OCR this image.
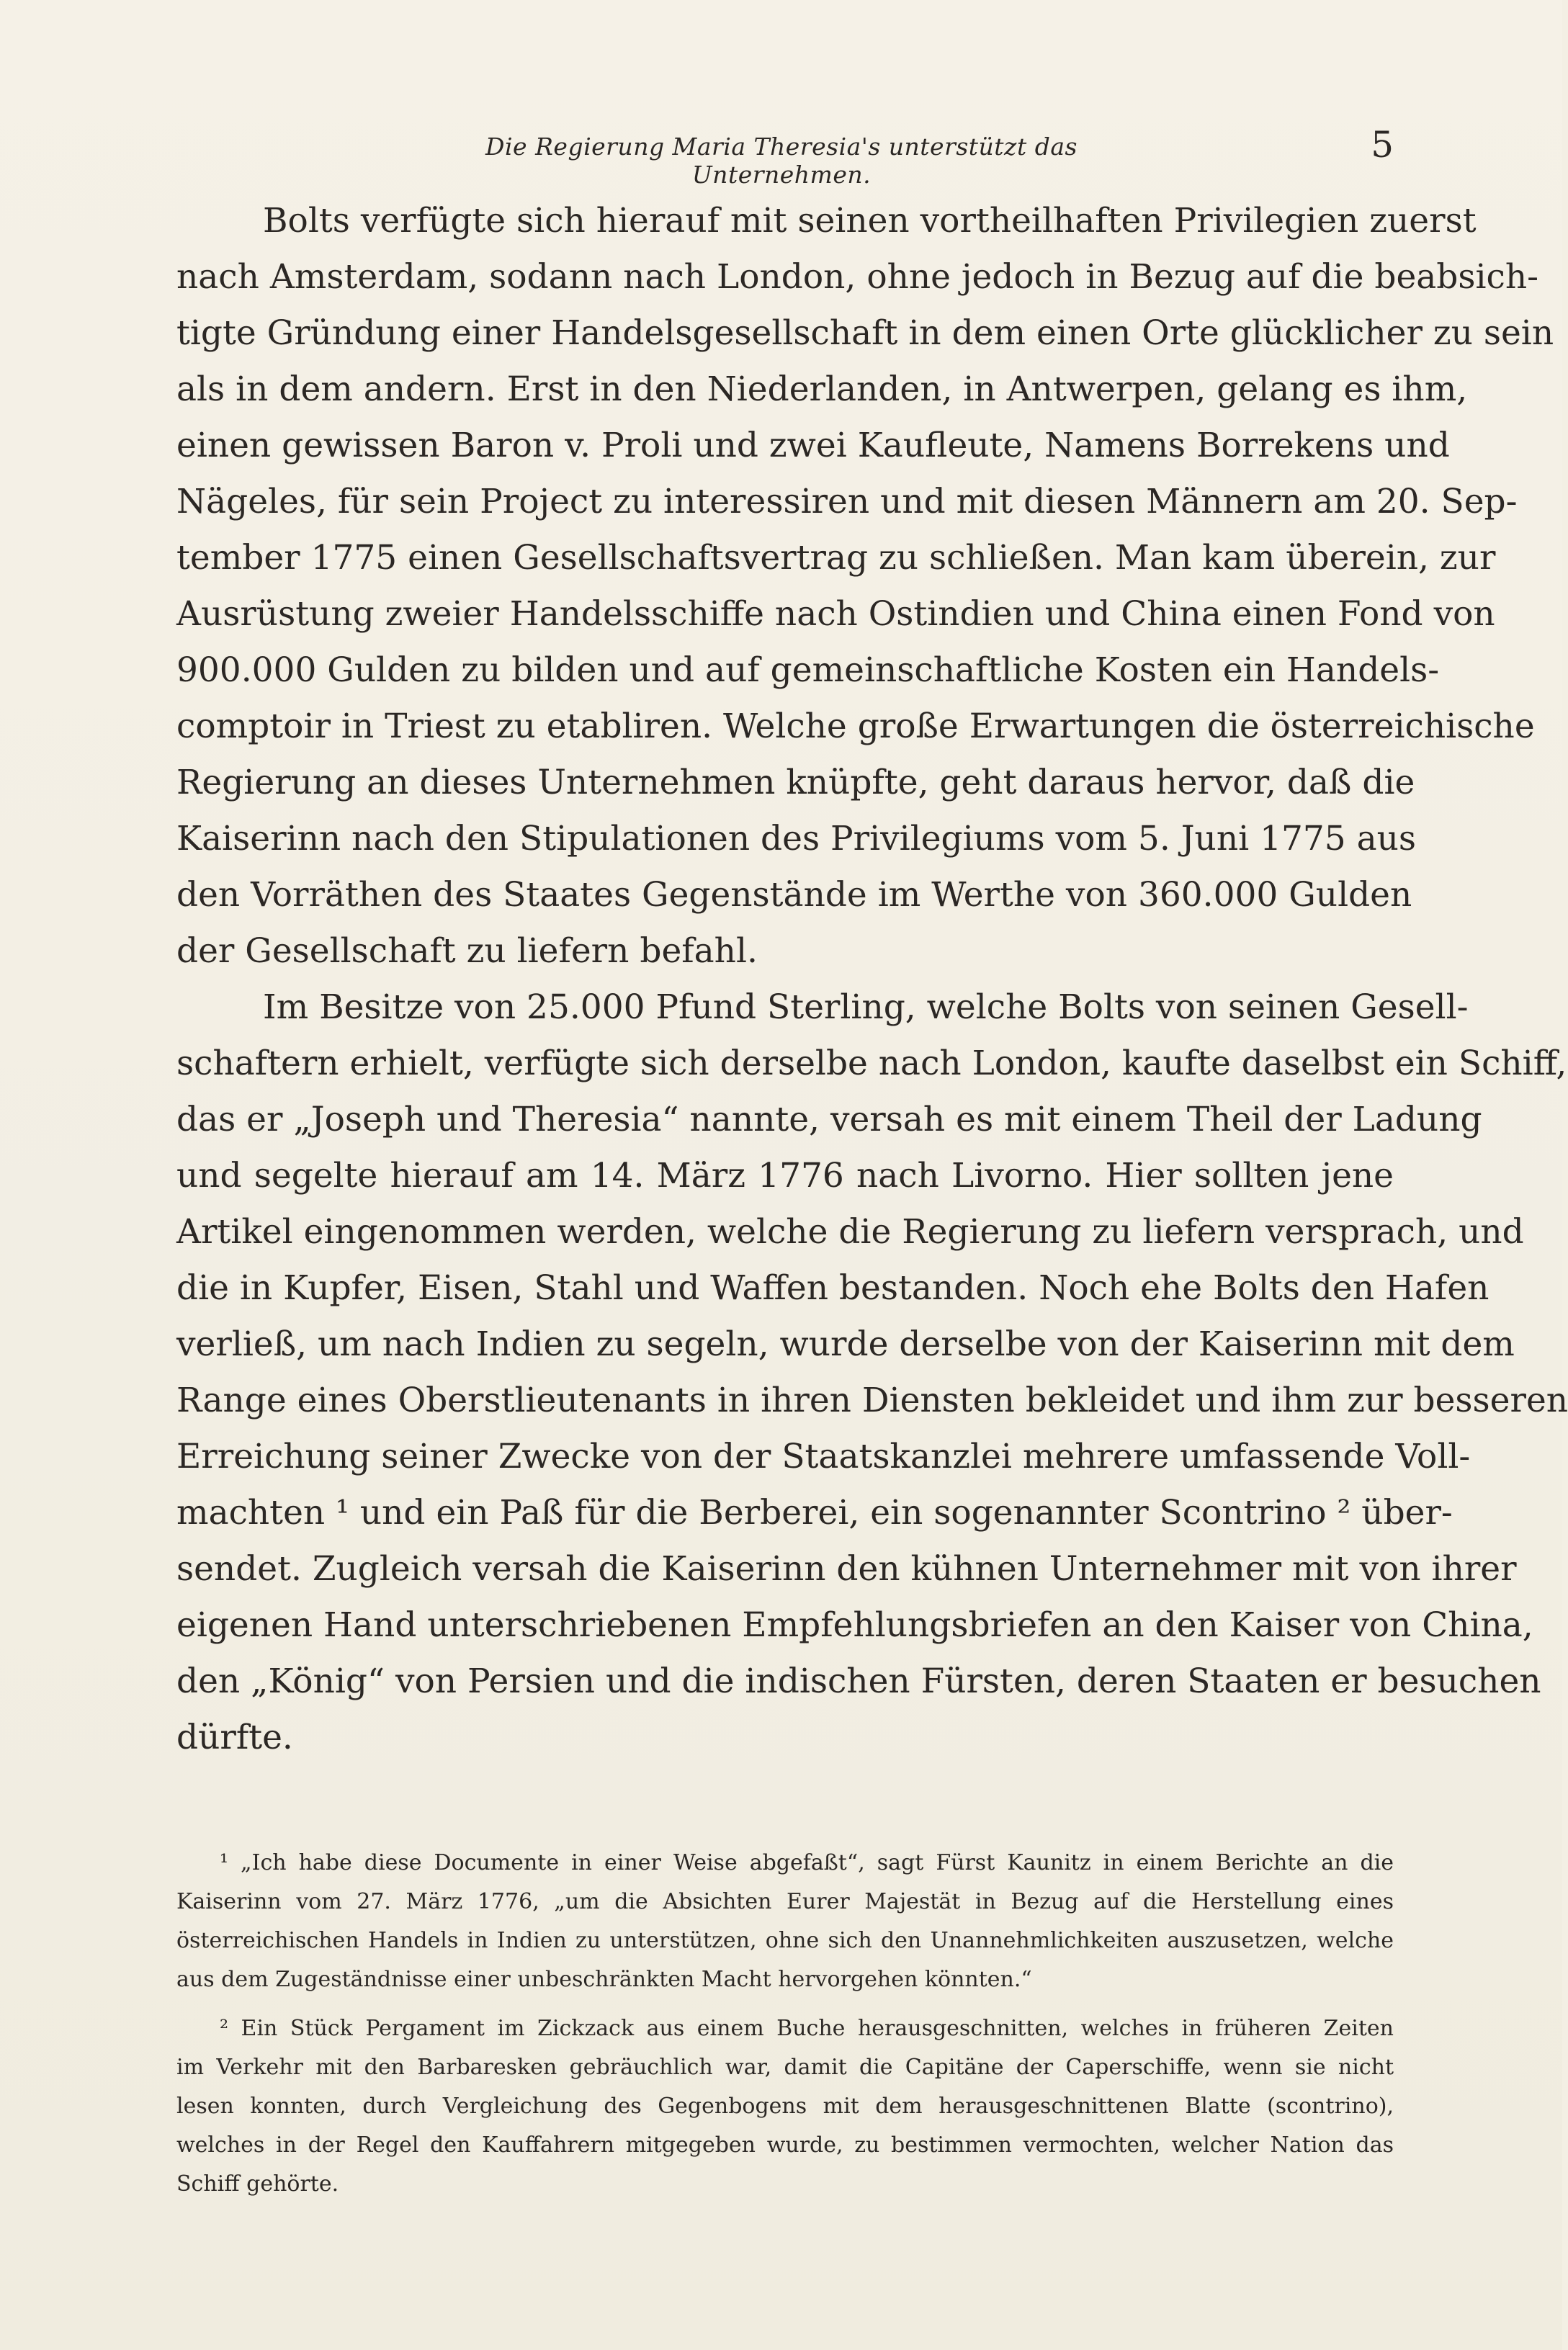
Die Regierung Maria Theresia's unterstützt das Unternehmen.
5
Bolts verfügte sich hierauf mit seinen vortheilhaften Privilegien zuerst
nach Amsterdam, sodann nach London, ohne jedoch in Bezug auf die beabsich-
tigte Gründung einer Handelsgesellschaft in dem einen Orte glücklicher zu sein
als in dem andern. Erst in den Niederlanden, in Antwerpen, gelang es ihm,
einen gewissen Baron v. Proli und zwei Kaufleute, Namens Borrekens und
Nägeles, für sein Project zu interessiren und mit diesen Männern am 20. Sep-
tember 1775 einen Gesellschaftsvertrag zu schließen. Man kam überein, zur
Ausrüstung zweier Handelsschiffe nach Ostindien und China einen Fond von
900.000 Gulden zu bilden und auf gemeinschaftliche Kosten ein Handels-
comptoir in Triest zu etabliren. Welche große Erwartungen die österreichische
Regierung an dieses Unternehmen knüpfte, geht daraus hervor, daß die
Kaiserinn nach den Stipulationen des Privilegiums vom 5. Juni 1775 aus
den Vorräthen des Staates Gegenstände im Werthe von 360.000 Gulden
der Gesellschaft zu liefern befahl.
Im Besitze von 25.000 Pfund Sterling, welche Bolts von seinen Gesell-
schaftern erhielt, verfügte sich derselbe nach London, kaufte daselbst ein Schiff,
das er „Joseph und Theresia“ nannte, versah es mit einem Theil der Ladung
und segelte hierauf am 14. März 1776 nach Livorno. Hier sollten jene
Artikel eingenommen werden, welche die Regierung zu liefern versprach, und
die in Kupfer, Eisen, Stahl und Waffen bestanden. Noch ehe Bolts den Hafen
verließ, um nach Indien zu segeln, wurde derselbe von der Kaiserinn mit dem
Range eines Oberstlieutenants in ihren Diensten bekleidet und ihm zur besseren
Erreichung seiner Zwecke von der Staatskanzlei mehrere umfassende Voll-
machten ¹ und ein Paß für die Berberei, ein sogenannter Scontrino ² über-
sendet. Zugleich versah die Kaiserinn den kühnen Unternehmer mit von ihrer
eigenen Hand unterschriebenen Empfehlungsbriefen an den Kaiser von China,
den „König“ von Persien und die indischen Fürsten, deren Staaten er besuchen
dürfte.
¹ „Ich habe diese Documente in einer Weise abgefaßt“, sagt Fürst Kaunitz in einem Berichte an die
Kaiserinn vom 27. März 1776, „um die Absichten Eurer Majestät in Bezug auf die Herstellung eines
österreichischen Handels in Indien zu unterstützen, ohne sich den Unannehmlichkeiten auszusetzen, welche
aus dem Zugeständnisse einer unbeschränkten Macht hervorgehen könnten.“
² Ein Stück Pergament im Zickzack aus einem Buche herausgeschnitten, welches in früheren Zeiten
im Verkehr mit den Barbaresken gebräuchlich war, damit die Capitäne der Caperschiffe, wenn sie nicht
lesen konnten, durch Vergleichung des Gegenbogens mit dem herausgeschnittenen Blatte (scontrino),
welches in der Regel den Kauffahrern mitgegeben wurde, zu bestimmen vermochten, welcher Nation das
Schiff gehörte.
